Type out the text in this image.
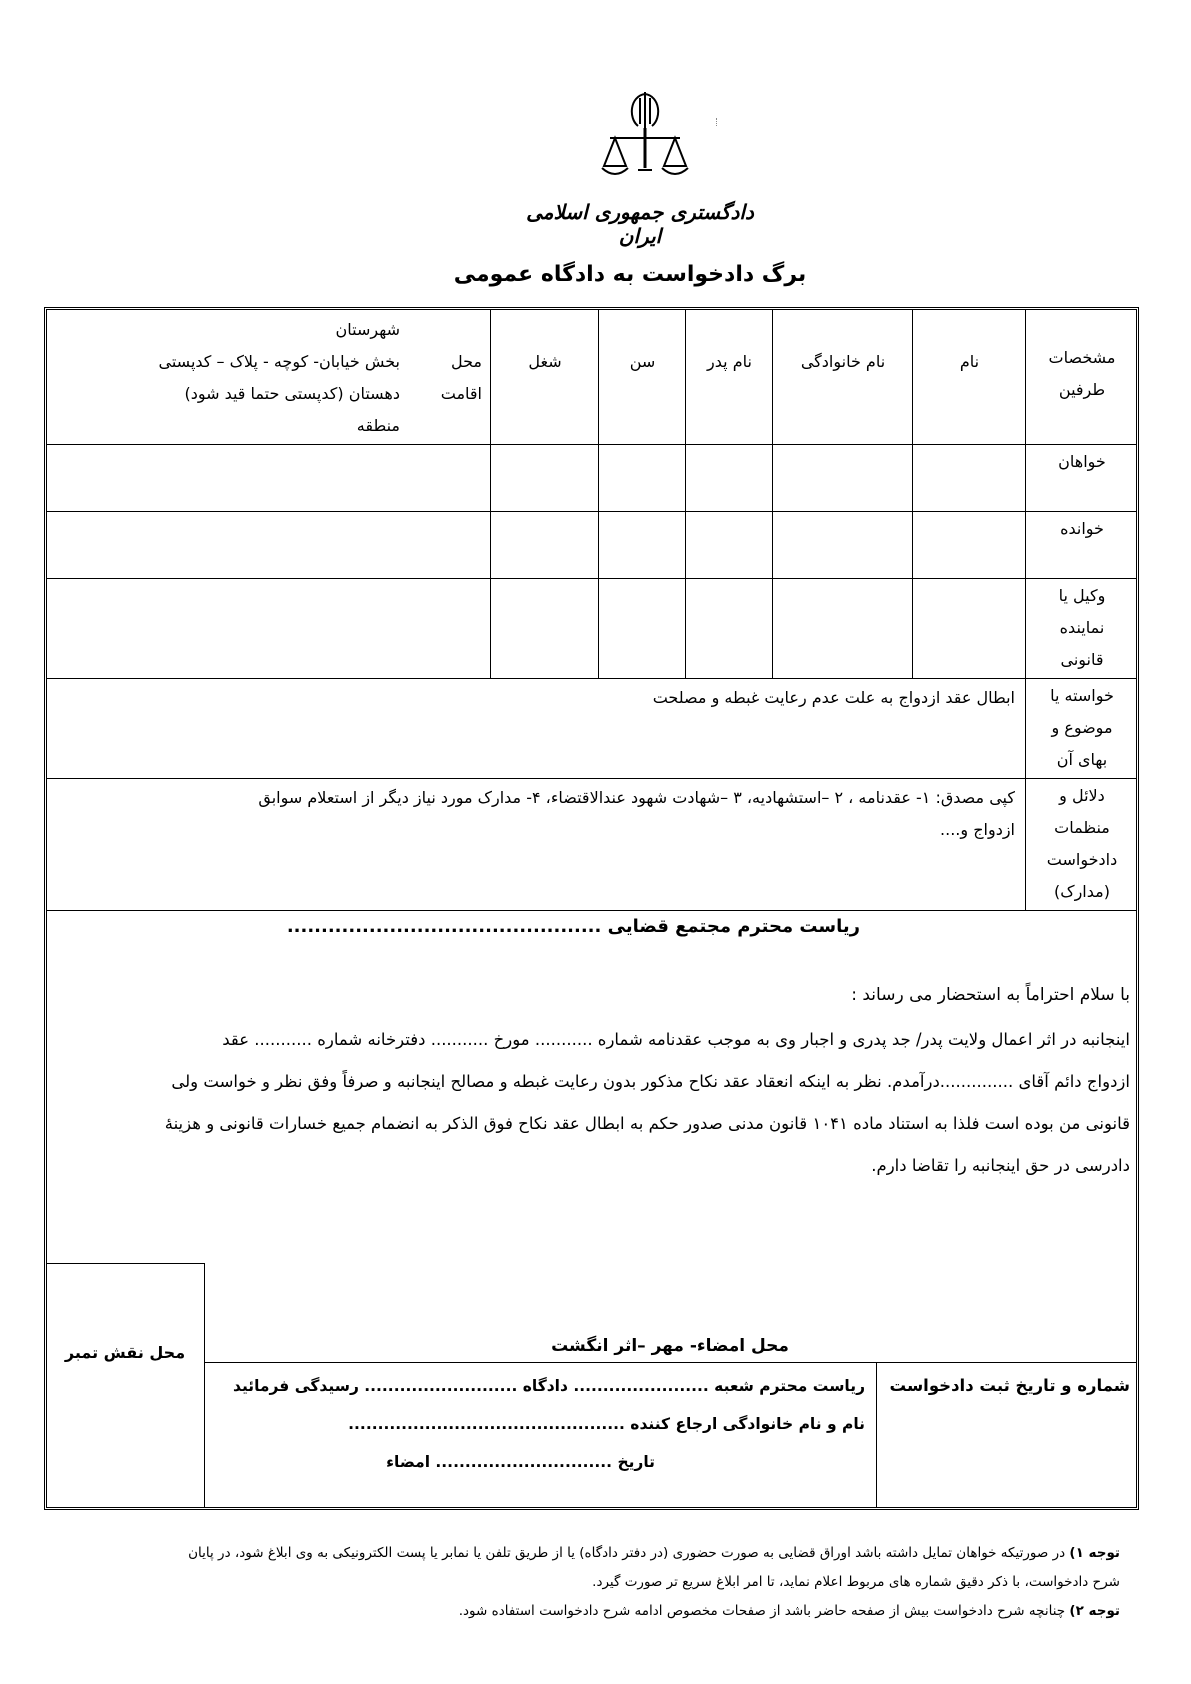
دادگستری جمهوری اسلامی ایران
برگ دادخواست به دادگاه عمومی
مشخصات
طرفین
نام
نام خانوادگی
نام پدر
سن
شغل
محل اقامت
شهرستان
بخش خیابان- کوچه - پلاک – کدپستی
دهستان (کدپستی حتما قید شود)
منطقه
خواهان
خوانده
وکیل یا
نماینده
قانونی
خواسته یا
موضوع و
بهای آن
ابطال عقد ازدواج به علت عدم رعایت غبطه و مصلحت
دلائل و
منظمات
دادخواست
(مدارک)
کپی مصدق: ۱- عقدنامه ، ۲ –استشهادیه، ۳ –شهادت شهود عندالاقتضاء، ۴- مدارک مورد نیاز دیگر از استعلام سوابق
ازدواج و....
ریاست محترم مجتمع قضایی ..............................................
با سلام احتراماً به استحضار می رساند :
اینجانبه در اثر اعمال ولایت پدر/ جد پدری و اجبار وی به موجب عقدنامه شماره ........... مورخ ........... دفترخانه شماره ........... عقد
ازدواج دائم آقای ..............درآمدم. نظر به اینکه انعقاد عقد نکاح مذکور بدون رعایت غبطه و مصالح اینجانبه و صرفاً وفق نظر و خواست ولی
قانونی من بوده است فلذا به استناد ماده ۱۰۴۱ قانون مدنی صدور حکم به ابطال عقد نکاح فوق الذکر به انضمام جمیع خسارات قانونی و هزینهٔ
دادرسی در حق اینجانبه را تقاضا دارم.
محل نقش تمبر	محل امضاء- مهر –اثر انگشت
شماره و تاریخ ثبت دادخواست
ریاست محترم شعبه ....................... دادگاه .......................... رسیدگی فرمائید
نام و نام خانوادگی ارجاع کننده ...............................................
تاریخ .............................. امضاء
توجه ۱) در صورتیکه خواهان تمایل داشته باشد اوراق قضایی به صورت حضوری (در دفتر دادگاه) یا از طریق تلفن یا نمابر یا پست الکترونیکی به وی ابلاغ شود، در پایان
شرح دادخواست، با ذکر دقیق شماره های مربوط اعلام نماید، تا امر ابلاغ سریع تر صورت گیرد.
توجه ۲) چنانچه شرح دادخواست بیش از صفحه حاضر باشد از صفحات مخصوص ادامه شرح دادخواست استفاده شود.
